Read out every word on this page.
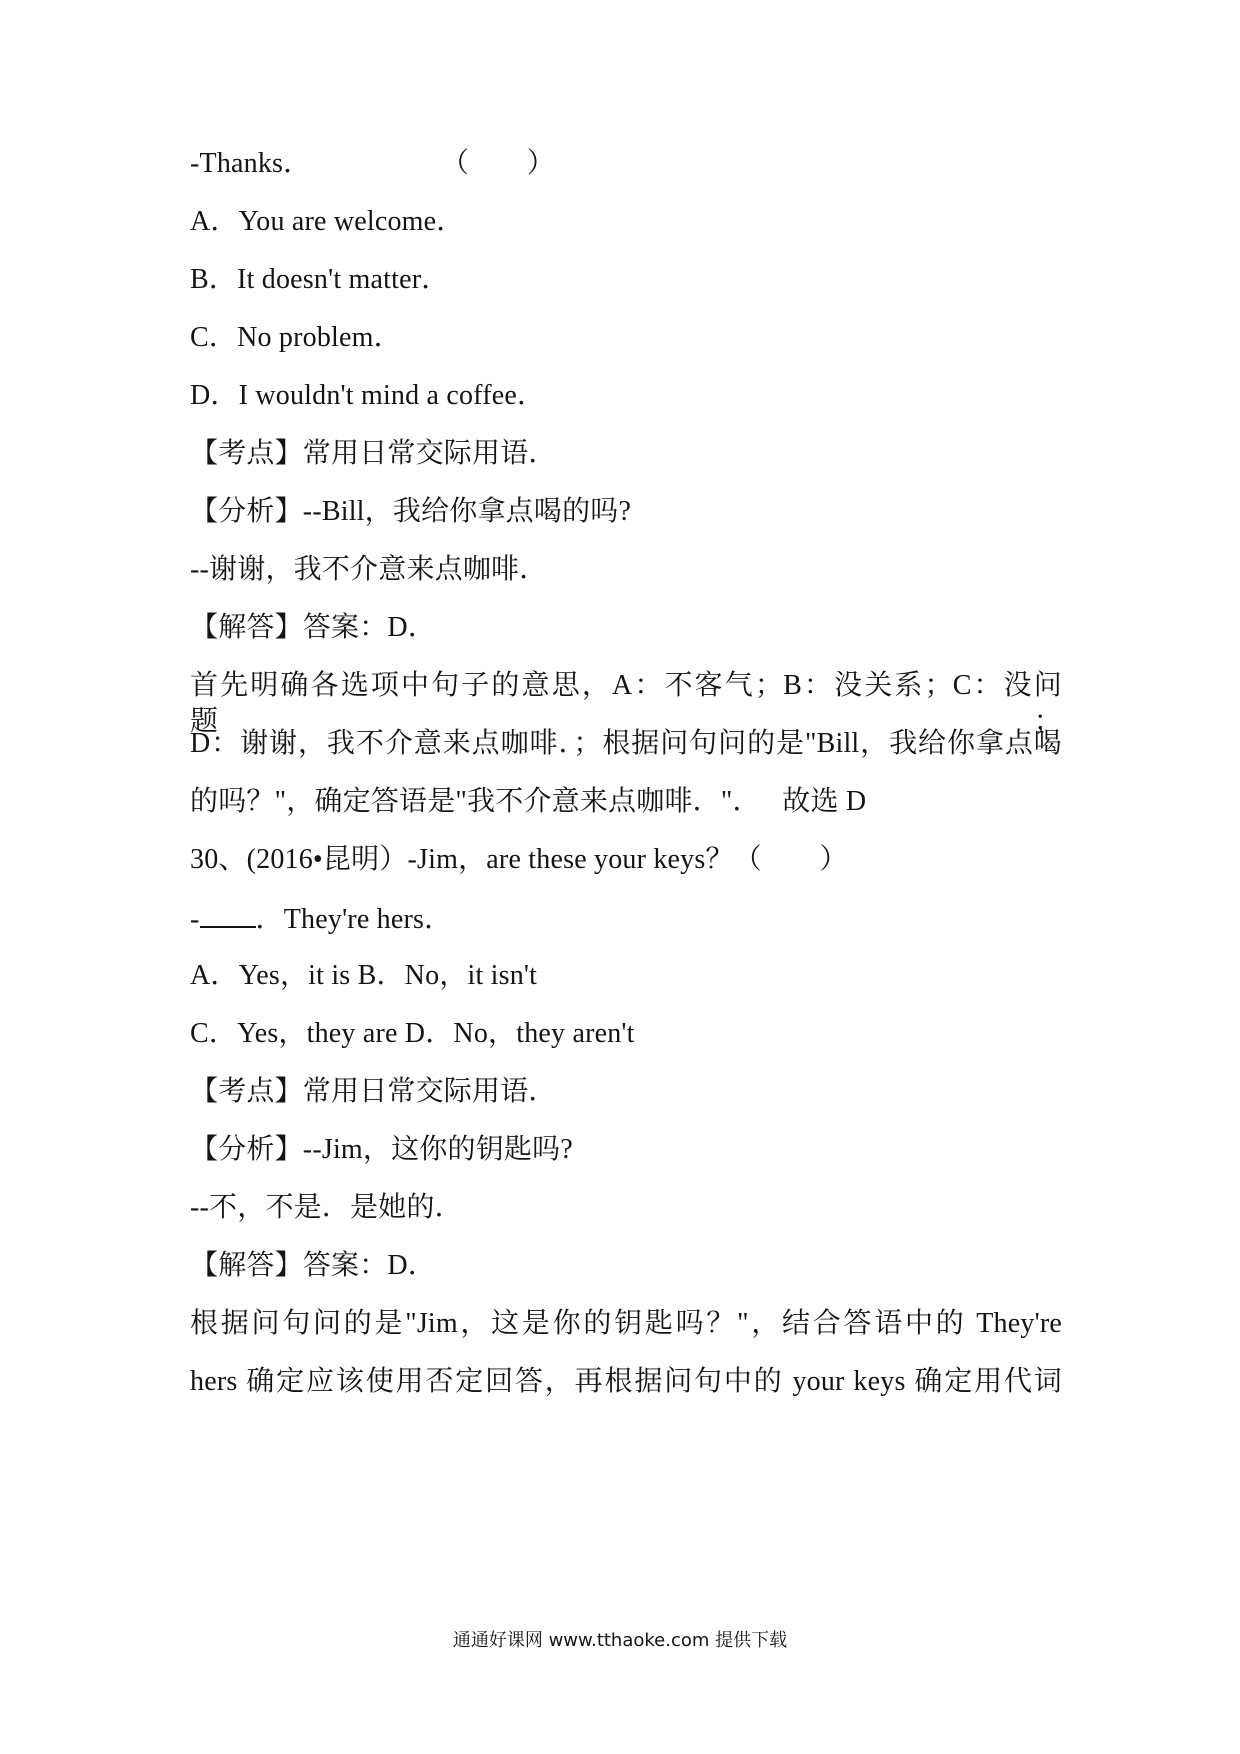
-Thanks．                  （        ）
A．You are welcome．
B．It doesn't matter．
C．No problem．
D．I wouldn't mind a coffee．
【考点】常用日常交际用语．
【分析】--Bill，我给你拿点喝的吗?
--谢谢，我不介意来点咖啡．
【解答】答案：D．
首先明确各选项中句子的意思，A：不客气；B：没关系；C：没问题；
D：谢谢，我不介意来点咖啡．；根据问句问的是"Bill，我给你拿点喝
的吗？"，确定答语是"我不介意来点咖啡．"．   故选 D
30、(2016•昆明）-Jim，are these your keys？（        ）
- ．They're hers．
A．Yes，it is B．No，it isn't
C．Yes，they are D．No，they aren't
【考点】常用日常交际用语．
【分析】--Jim，这你的钥匙吗?
--不，不是．是她的．
【解答】答案：D．
根据问句问的是"Jim，这是你的钥匙吗？"，结合答语中的 They're
hers 确定应该使用否定回答，再根据问句中的 your keys 确定用代词
通通好课网 www.tthaoke.com 提供下载
